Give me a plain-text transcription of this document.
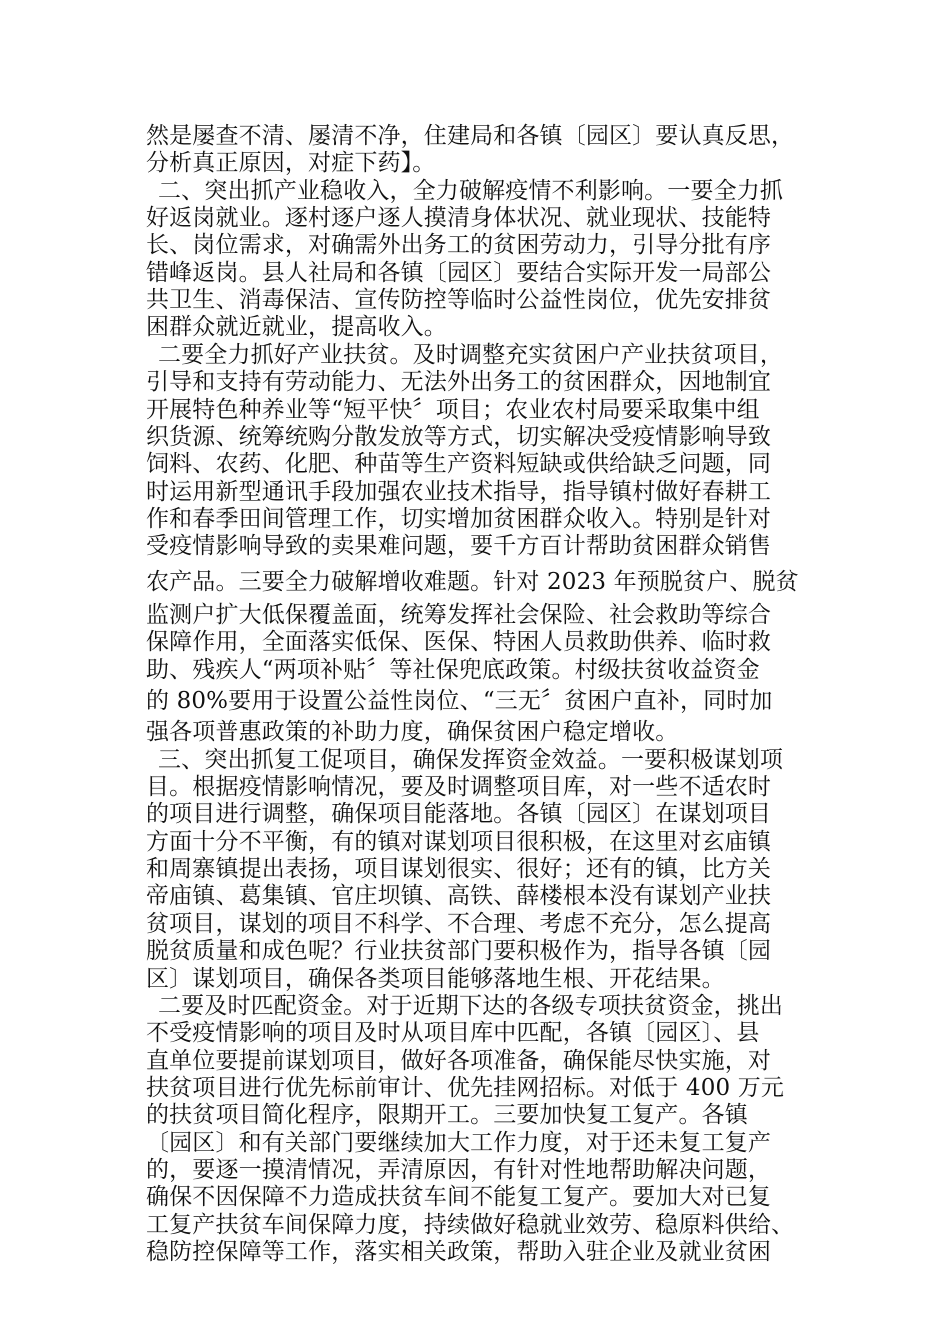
然是屡查不清、屡清不净，住建局和各镇〔园区〕要认真反思，
分析真正原因，对症下药】。
二、突出抓产业稳收入，全力破解疫情不利影响。一要全力抓
好返岗就业。逐村逐户逐人摸清身体状况、就业现状、技能特
长、岗位需求，对确需外出务工的贫困劳动力，引导分批有序
错峰返岗。县人社局和各镇〔园区〕要结合实际开发一局部公
共卫生、消毒保洁、宣传防控等临时公益性岗位，优先安排贫
困群众就近就业，提高收入。
二要全力抓好产业扶贫。及时调整充实贫困户产业扶贫项目，
引导和支持有劳动能力、无法外出务工的贫困群众，因地制宜
开展特色种养业等“短平快〞项目；农业农村局要采取集中组
织货源、统筹统购分散发放等方式，切实解决受疫情影响导致
饲料、农药、化肥、种苗等生产资料短缺或供给缺乏问题，同
时运用新型通讯手段加强农业技术指导，指导镇村做好春耕工
作和春季田间管理工作，切实增加贫困群众收入。特别是针对
受疫情影响导致的卖果难问题，要千方百计帮助贫困群众销售
农产品。三要全力破解增收难题。针对 2023 年预脱贫户、脱贫
监测户扩大低保覆盖面，统筹发挥社会保险、社会救助等综合
保障作用，全面落实低保、医保、特困人员救助供养、临时救
助、残疾人“两项补贴〞等社保兜底政策。村级扶贫收益资金
的 80%要用于设置公益性岗位、“三无〞贫困户直补，同时加
强各项普惠政策的补助力度，确保贫困户稳定增收。
三、突出抓复工促项目，确保发挥资金效益。一要积极谋划项
目。根据疫情影响情况，要及时调整项目库，对一些不适农时
的项目进行调整，确保项目能落地。各镇〔园区〕在谋划项目
方面十分不平衡，有的镇对谋划项目很积极，在这里对玄庙镇
和周寨镇提出表扬，项目谋划很实、很好；还有的镇，比方关
帝庙镇、葛集镇、官庄坝镇、高铁、薛楼根本没有谋划产业扶
贫项目，谋划的项目不科学、不合理、考虑不充分，怎么提高
脱贫质量和成色呢？行业扶贫部门要积极作为，指导各镇〔园
区〕谋划项目，确保各类项目能够落地生根、开花结果。
二要及时匹配资金。对于近期下达的各级专项扶贫资金，挑出
不受疫情影响的项目及时从项目库中匹配，各镇〔园区〕、县
直单位要提前谋划项目，做好各项准备，确保能尽快实施，对
扶贫项目进行优先标前审计、优先挂网招标。对低于 400 万元
的扶贫项目简化程序，限期开工。三要加快复工复产。各镇
〔园区〕和有关部门要继续加大工作力度，对于还未复工复产
的，要逐一摸清情况，弄清原因，有针对性地帮助解决问题，
确保不因保障不力造成扶贫车间不能复工复产。要加大对已复
工复产扶贫车间保障力度，持续做好稳就业效劳、稳原料供给、
稳防控保障等工作，落实相关政策，帮助入驻企业及就业贫困
